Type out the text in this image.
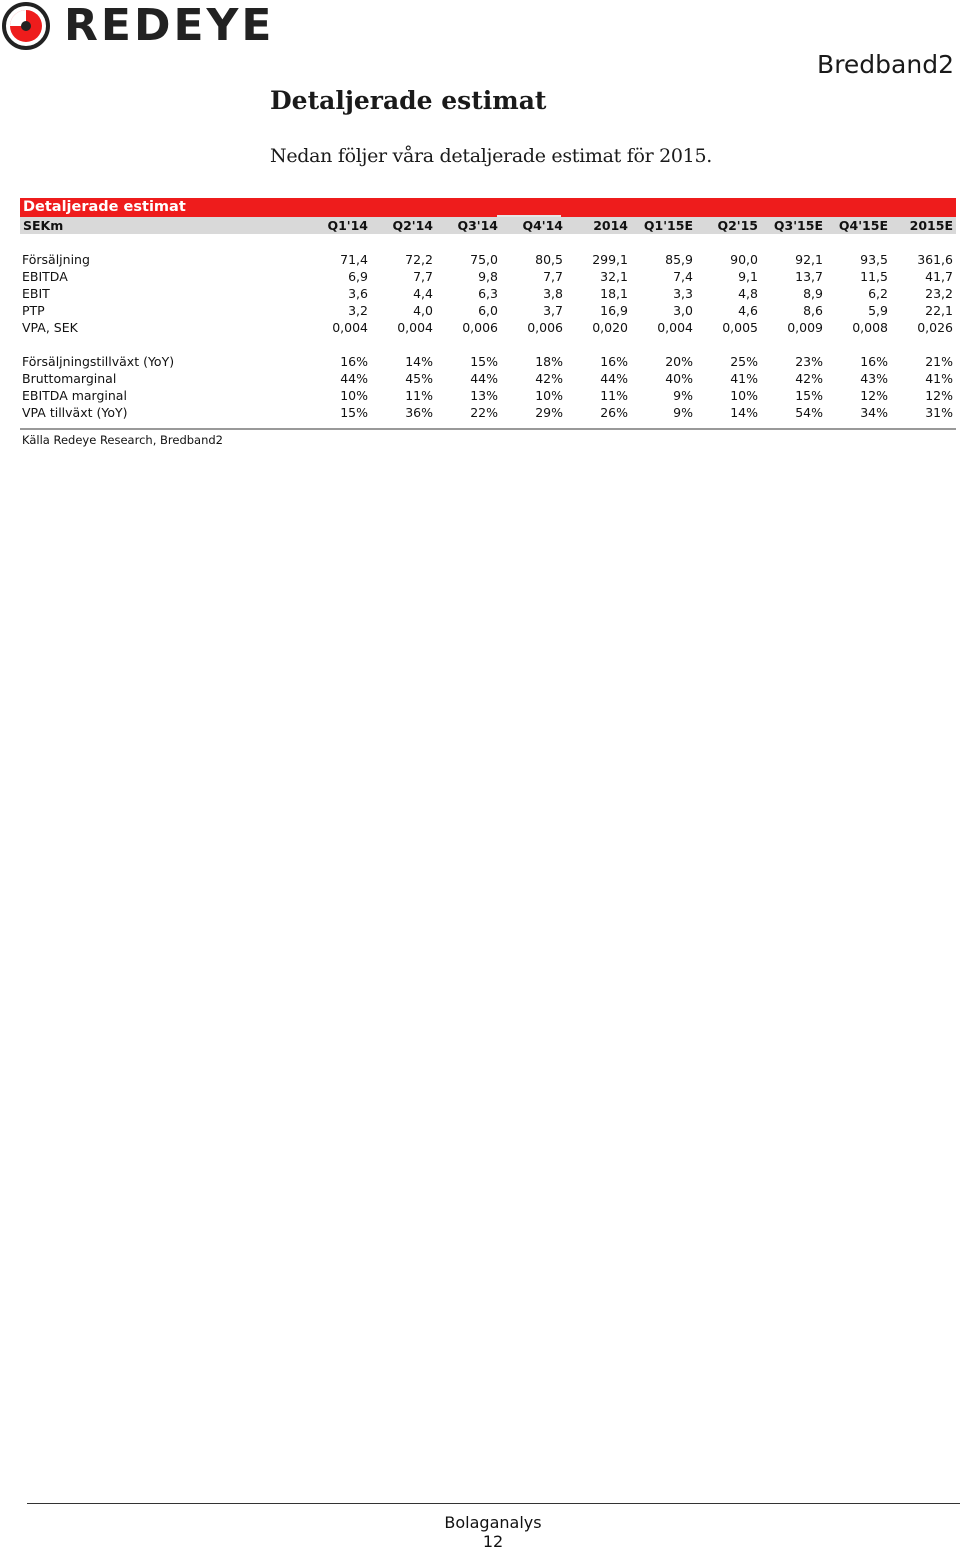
REDEYE
Bredband2
Detaljerade estimat
Nedan följer våra detaljerade estimat för 2015.
Detaljerade estimat
SEKm	Q1'14	Q2'14	Q3'14	Q4'14	2014	Q1'15E	Q2'15	Q3'15E	Q4'15E	2015E

Försäljning	71,4	72,2	75,0	80,5	299,1	85,9	90,0	92,1	93,5	361,6
EBITDA	6,9	7,7	9,8	7,7	32,1	7,4	9,1	13,7	11,5	41,7
EBIT	3,6	4,4	6,3	3,8	18,1	3,3	4,8	8,9	6,2	23,2
PTP	3,2	4,0	6,0	3,7	16,9	3,0	4,6	8,6	5,9	22,1
VPA, SEK	0,004	0,004	0,006	0,006	0,020	0,004	0,005	0,009	0,008	0,026

Försäljningstillväxt (YoY)	16%	14%	15%	18%	16%	20%	25%	23%	16%	21%
Bruttomarginal	44%	45%	44%	42%	44%	40%	41%	42%	43%	41%
EBITDA marginal	10%	11%	13%	10%	11%	9%	10%	15%	12%	12%
VPA tillväxt (YoY)	15%	36%	22%	29%	26%	9%	14%	54%	34%	31%
Källa Redeye Research, Bredband2
Bolaganalys
12
